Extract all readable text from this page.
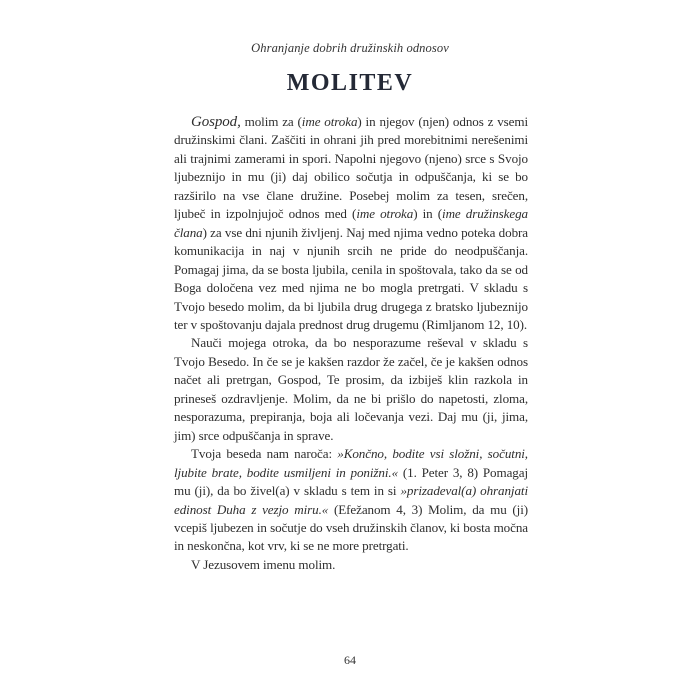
Ohranjanje dobrih družinskih odnosov
MOLITEV

Gospod, molim za (ime otroka) in njegov (njen) odnos z vsemi družinskimi člani. Zaščiti in ohrani jih pred morebitnimi nerešenimi ali trajnimi zamerami in spori. Napolni njegovo (njeno) srce s Svojo ljubeznijo in mu (ji) daj obilico sočutja in odpuščanja, ki se bo razširilo na vse člane družine. Posebej molim za tesen, srečen, ljubeč in izpolnjujoč odnos med (ime otroka) in (ime družinskega člana) za vse dni njunih življenj. Naj med njima vedno poteka dobra komunikacija in naj v njunih srcih ne pride do neodpuščanja. Pomagaj jima, da se bosta ljubila, cenila in spoštovala, tako da se od Boga določena vez med njima ne bo mogla pretrgati. V skladu s Tvojo besedo molim, da bi ljubila drug drugega z bratsko ljubeznijo ter v spoštovanju dajala prednost drug drugemu (Rimljanom 12, 10).

Nauči mojega otroka, da bo nesporazume reševal v skladu s Tvojo Besedo. In če se je kakšen razdor že začel, če je kakšen odnos načet ali pretrgan, Gospod, Te prosim, da izbiješ klin razkola in prineseš ozdravljenje. Molim, da ne bi prišlo do napetosti, zloma, nesporazuma, prepiranja, boja ali ločevanja vezi. Daj mu (ji, jima, jim) srce odpuščanja in sprave.

Tvoja beseda nam naroča: »Končno, bodite vsi složni, sočutni, ljubite brate, bodite usmiljeni in ponižni.« (1. Peter 3, 8) Pomagaj mu (ji), da bo živel(a) v skladu s tem in si »prizadeval(a) ohranjati edinost Duha z vezjo miru.« (Efežanom 4, 3) Molim, da mu (ji) vcepiš ljubezen in sočutje do vseh družinskih članov, ki bosta močna in neskončna, kot vrv, ki se ne more pretrgati.

V Jezusovem imenu molim.

64
